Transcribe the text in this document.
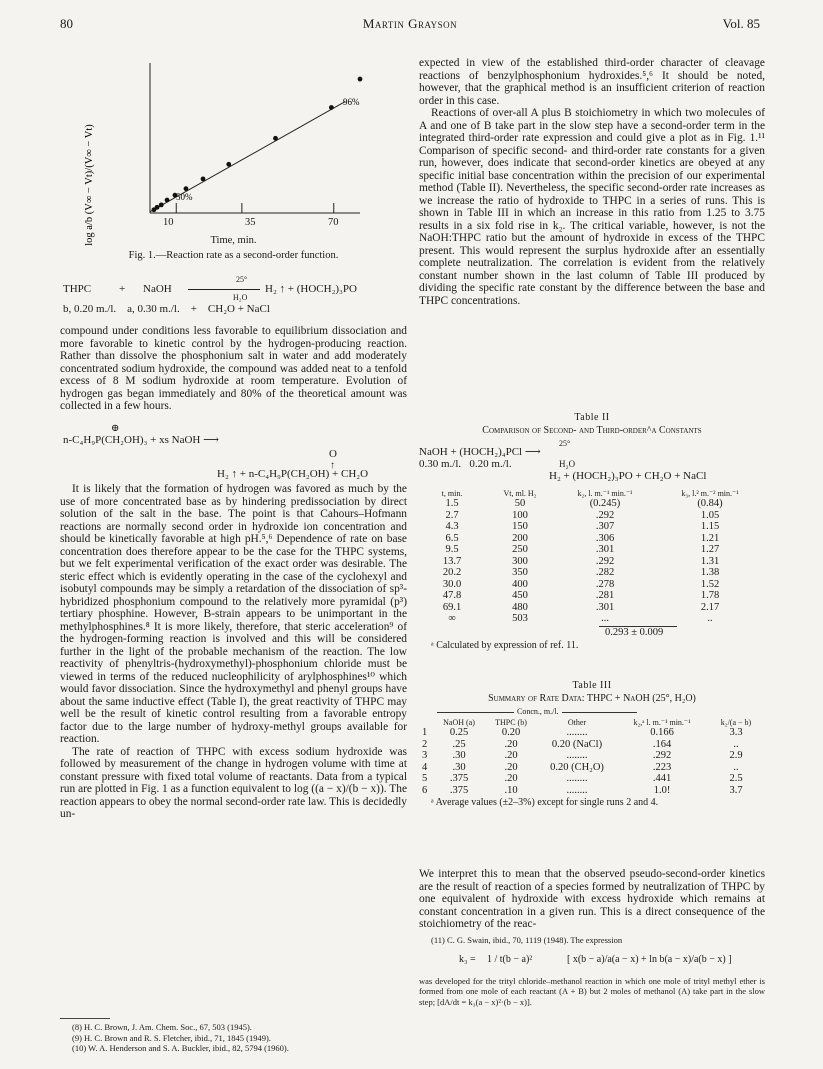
80	Martin Grayson	Vol. 85
log a/b (V∞ − Vt)/(V∞ − Vt)
96%
50%
10	35	70
Time, min.
Fig. 1.—Reaction rate as a second-order function.
THPC	+ NaOH
25°
H₂O
H₂ ↑ + (HOCH₂)₃PO
b, 0.20 m./l.    a, 0.30 m./l.    +    CH₂O + NaCl

compound under conditions less favorable to equilibrium dissociation and more favorable to kinetic control by the hydrogen-producing reaction. Rather than dissolve the phosphonium salt in water and add moderately concentrated sodium hydroxide, the compound was added neat to a tenfold excess of 8 M sodium hydroxide at room temperature. Evolution of hydrogen gas began immediately and 80% of the theoretical amount was collected in a few hours.

⊕
n-C₄H₉P(CH₂OH)₃ + xs NaOH ⟶
O
↑
H₂ ↑ + n-C₄H₉P(CH₂OH) + CH₂O

It is likely that the formation of hydrogen was favored as much by the use of more concentrated base as by hindering predissociation by direct solution of the salt in the base. The point is that Cahours–Hofmann reactions are normally second order in hydroxide ion concentration and should be kinetically favorable at high pH.⁵,⁶ Dependence of rate on base concentration does therefore appear to be the case for the THPC systems, but we felt experimental verification of the exact order was desirable. The steric effect which is evidently operating in the case of the cyclohexyl and isobutyl compounds may be simply a retardation of the dissociation of sp³-hybridized phosphonium compound to the relatively more pyramidal (p³) tertiary phosphine. However, B-strain appears to be unimportant in the methylphosphines.⁸ It is more likely, therefore, that steric acceleration⁹ of the hydrogen-forming reaction is involved and this will be considered further in the light of the probable mechanism of the reaction. The low reactivity of phenyltris-(hydroxymethyl)-phosphonium chloride must be viewed in terms of the reduced nucleophilicity of arylphosphines¹⁰ which would favor dissociation. Since the hydroxymethyl and phenyl groups have about the same inductive effect (Table I), the great reactivity of THPC may well be the result of kinetic control resulting from a favorable entropy factor due to the large number of hydroxy-methyl groups available for reaction.

The rate of reaction of THPC with excess sodium hydroxide was followed by measurement of the change in hydrogen volume with time at constant pressure with fixed total volume of reactants. Data from a typical run are plotted in Fig. 1 as a function equivalent to log ((a − x)/(b − x)). The reaction appears to obey the normal second-order rate law. This is decidedly un-

(8) H. C. Brown, J. Am. Chem. Soc., 67, 503 (1945).
(9) H. C. Brown and R. S. Fletcher, ibid., 71, 1845 (1949).
(10) W. A. Henderson and S. A. Buckler, ibid., 82, 5794 (1960).

expected in view of the established third-order character of cleavage reactions of benzylphosphonium hydroxides.⁵,⁶ It should be noted, however, that the graphical method is an insufficient criterion of reaction order in this case.

Reactions of over-all A plus B stoichiometry in which two molecules of A and one of B take part in the slow step have a second-order term in the integrated third-order rate expression and could give a plot as in Fig. 1.¹¹ Comparison of specific second- and third-order rate constants for a given run, however, does indicate that second-order kinetics are obeyed at any specific initial base concentration within the precision of our experimental method (Table II). Nevertheless, the specific second-order rate increases as we increase the ratio of hydroxide to THPC in a series of runs. This is shown in Table III in which an increase in this ratio from 1.25 to 3.75 results in a six fold rise in k₂. The critical variable, however, is not the NaOH:THPC ratio but the amount of hydroxide in excess of the THPC present. This would represent the surplus hydroxide after an essentially complete neutralization. The correlation is evident from the relatively constant number shown in the last column of Table III produced by dividing the specific rate constant by the difference between the base and THPC concentrations.

Table II
Comparison of Second- and Third-order^a Constants
25°
NaOH + (HOCH₂)₄PCl ⟶
0.30 m./l.   0.20 m./l.	H₂O
H₂ + (HOCH₂)₃PO + CH₂O + NaCl
t, min.	Vt, ml. H₂	k₂, l. m.⁻¹ min.⁻¹	k₃, l.² m.⁻² min.⁻¹
1.5	50	(0.245)	(0.84)
2.7	100	.292	1.05
4.3	150	.307	1.15
6.5	200	.306	1.21
9.5	250	.301	1.27
13.7	300	.292	1.31
20.2	350	.282	1.38
30.0	400	.278	1.52
47.8	450	.281	1.78
69.1	480	.301	2.17
∞	503	...	..
0.293 ± 0.009
ᵃ Calculated by expression of ref. 11.
Table III
Summary of Rate Data: THPC + NaOH (25°, H₂O)
Concn., m./l.
	NaOH (a)	THPC (b)	Other	k₂,ᵃ l. m.⁻¹ min.⁻¹	k₂/(a − b)
1	0.25	0.20	........	0.166	3.3
2	.25	.20	0.20 (NaCl)	.164	..
3	.30	.20	........	.292	2.9
4	.30	.20	0.20 (CH₂O)	.223	..
5	.375	.20	........	.441	2.5
6	.375	.10	........	1.0!	3.7
ᵃ Average values (±2–3%) except for single runs 2 and 4.

We interpret this to mean that the observed pseudo-second-order kinetics are the result of reaction of a species formed by neutralization of THPC by one equivalent of hydroxide with excess hydroxide which remains at constant concentration in a given run. This is a direct consequence of the stoichiometry of the reac-

(11) C. G. Swain, ibid., 70, 1119 (1948). The expression
k₃ = 1 / t(b − a)²	[ x(b − a)/a(a − x) + ln b(a − x)/a(b − x) ]
was developed for the trityl chloride–methanol reaction in which one mole of trityl methyl ether is formed from one mole of each reactant (A + B) but 2 moles of methanol (A) take part in the slow step; [dA/dt = k₃(a − x)²·(b − x)].
